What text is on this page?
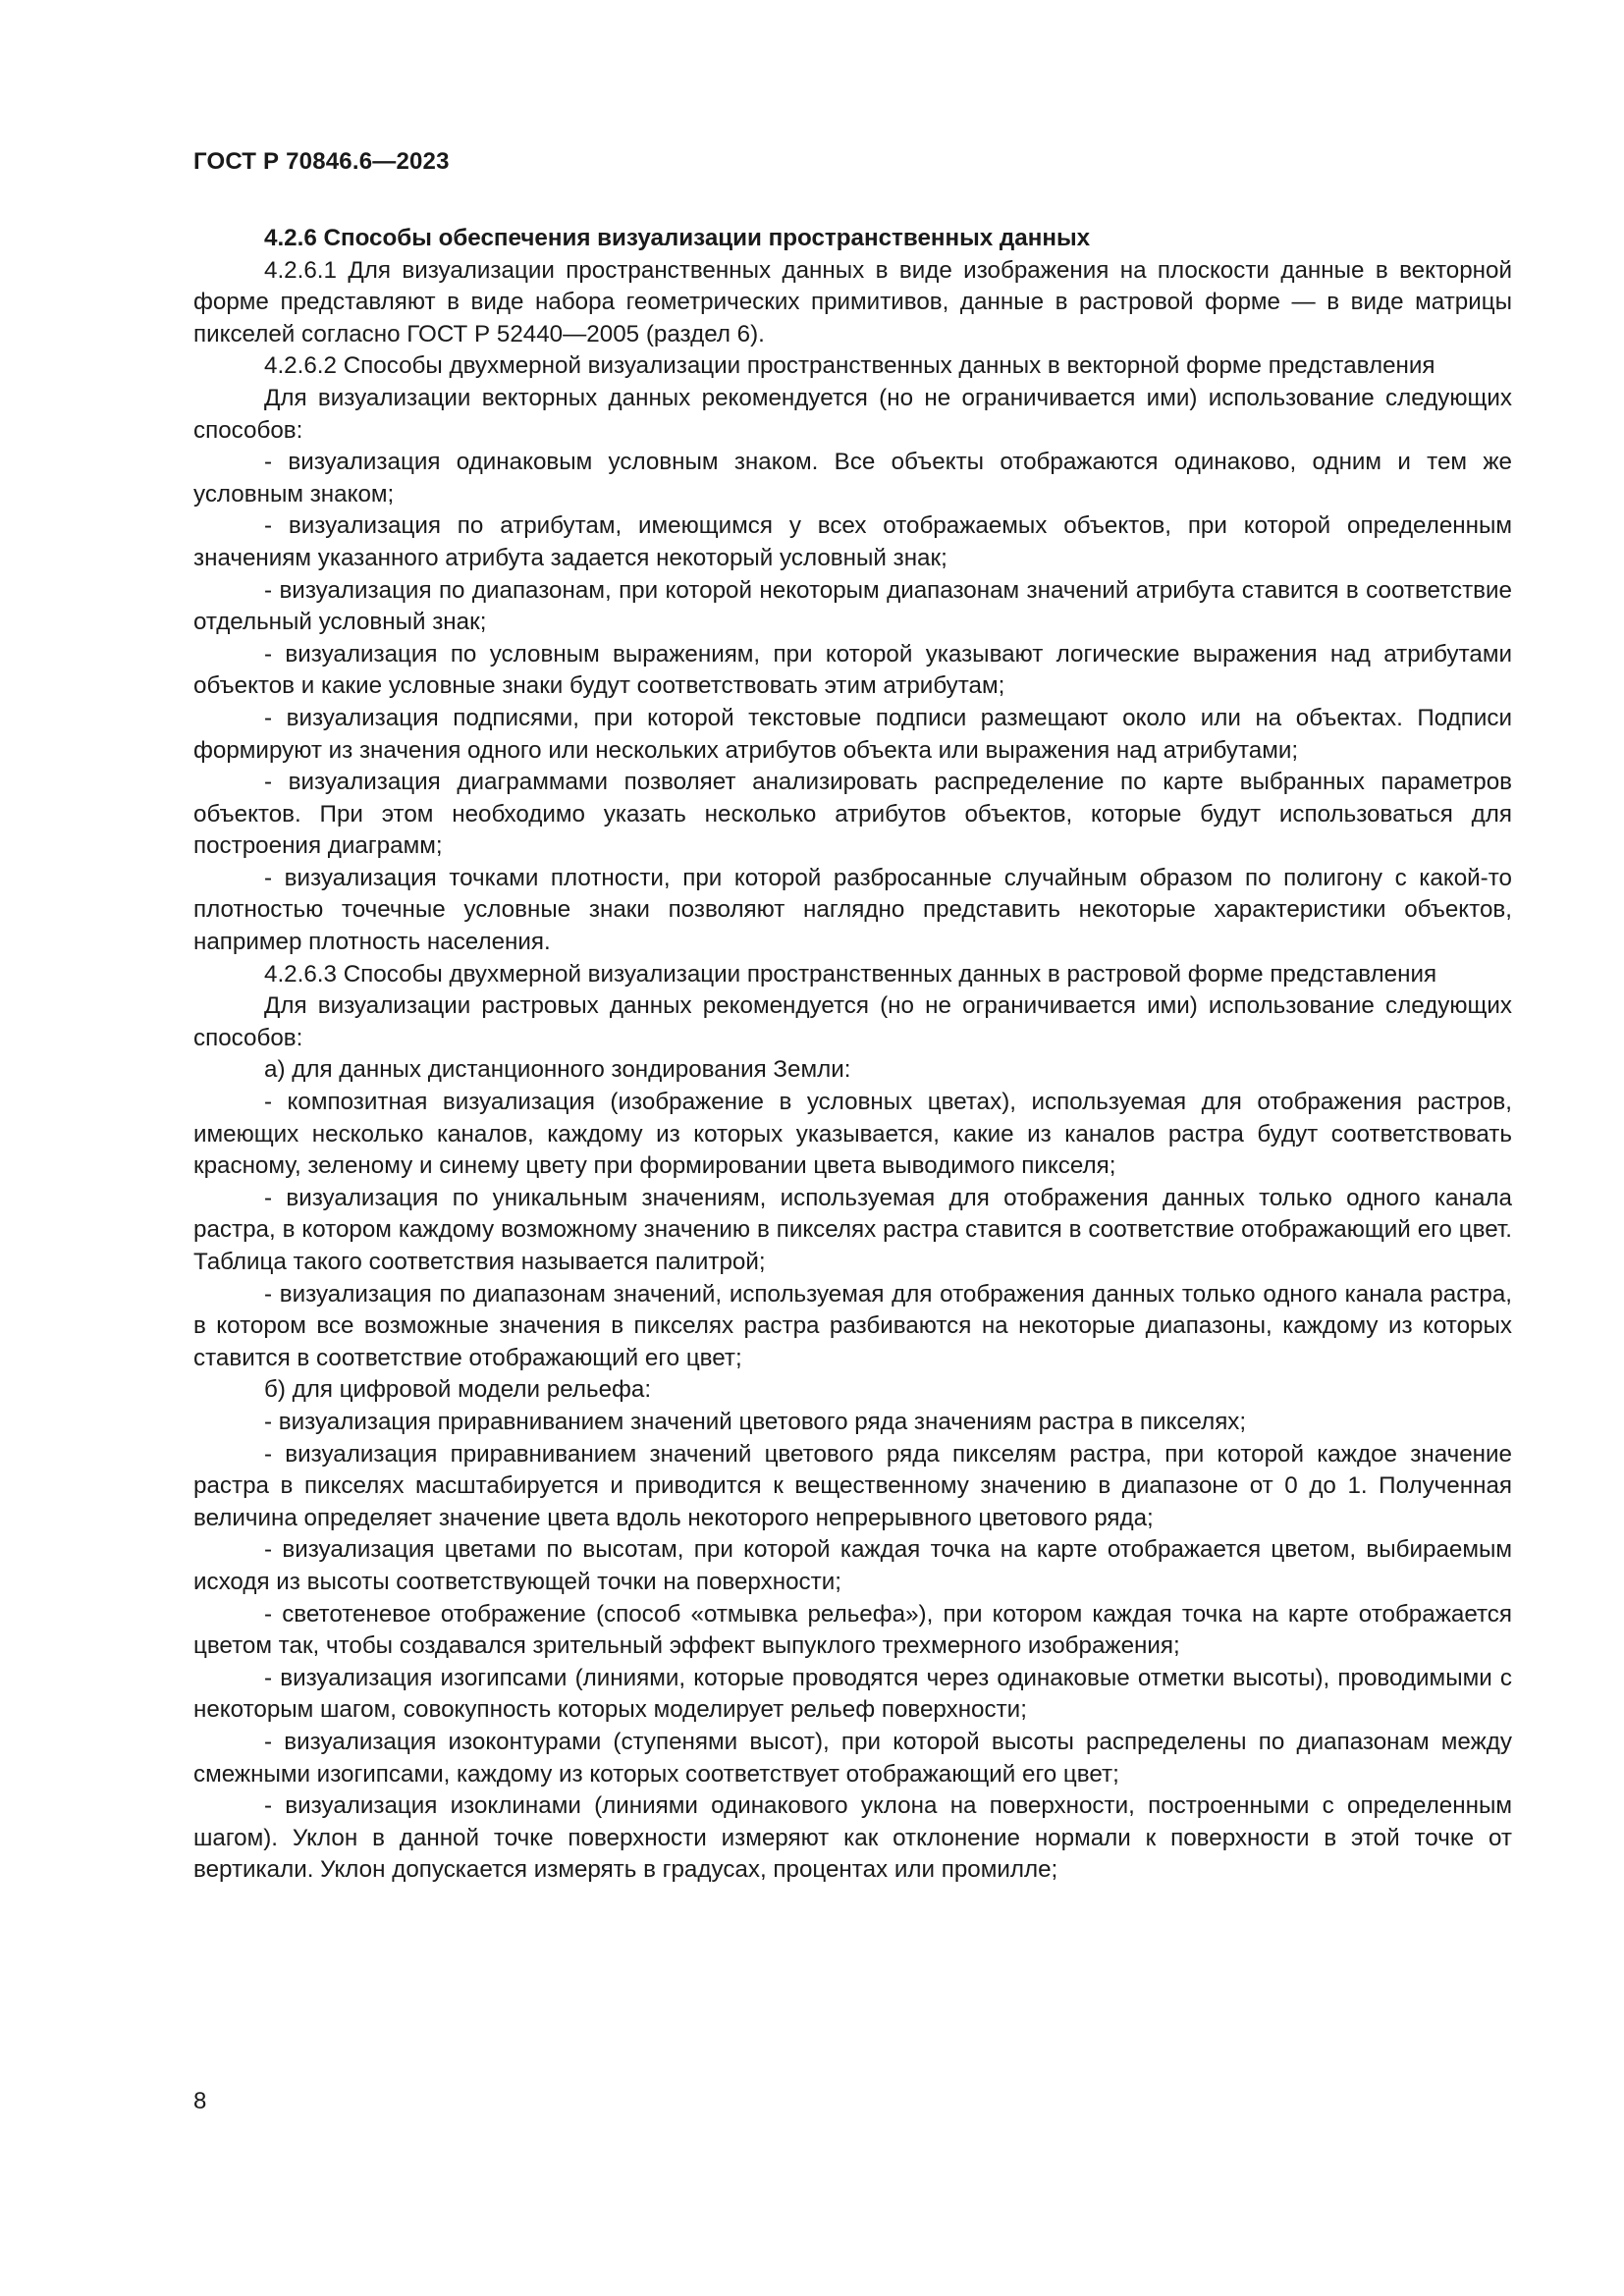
ГОСТ Р 70846.6—2023
4.2.6 Способы обеспечения визуализации пространственных данных

4.2.6.1 Для визуализации пространственных данных в виде изображения на плоскости данные в векторной форме представляют в виде набора геометрических примитивов, данные в растровой форме — в виде матрицы пикселей согласно ГОСТ Р 52440—2005 (раздел 6).

4.2.6.2 Способы двухмерной визуализации пространственных данных в векторной форме представления

Для визуализации векторных данных рекомендуется (но не ограничивается ими) использование следующих способов:

- визуализация одинаковым условным знаком. Все объекты отображаются одинаково, одним и тем же условным знаком;

- визуализация по атрибутам, имеющимся у всех отображаемых объектов, при которой определенным значениям указанного атрибута задается некоторый условный знак;

- визуализация по диапазонам, при которой некоторым диапазонам значений атрибута ставится в соответствие отдельный условный знак;

- визуализация по условным выражениям, при которой указывают логические выражения над атрибутами объектов и какие условные знаки будут соответствовать этим атрибутам;

- визуализация подписями, при которой текстовые подписи размещают около или на объектах. Подписи формируют из значения одного или нескольких атрибутов объекта или выражения над атрибутами;

- визуализация диаграммами позволяет анализировать распределение по карте выбранных параметров объектов. При этом необходимо указать несколько атрибутов объектов, которые будут использоваться для построения диаграмм;

- визуализация точками плотности, при которой разбросанные случайным образом по полигону с какой-то плотностью точечные условные знаки позволяют наглядно представить некоторые характеристики объектов, например плотность населения.

4.2.6.3 Способы двухмерной визуализации пространственных данных в растровой форме представления

Для визуализации растровых данных рекомендуется (но не ограничивается ими) использование следующих способов:

а) для данных дистанционного зондирования Земли:

- композитная визуализация (изображение в условных цветах), используемая для отображения растров, имеющих несколько каналов, каждому из которых указывается, какие из каналов растра будут соответствовать красному, зеленому и синему цвету при формировании цвета выводимого пикселя;

- визуализация по уникальным значениям, используемая для отображения данных только одного канала растра, в котором каждому возможному значению в пикселях растра ставится в соответствие отображающий его цвет. Таблица такого соответствия называется палитрой;

- визуализация по диапазонам значений, используемая для отображения данных только одного канала растра, в котором все возможные значения в пикселях растра разбиваются на некоторые диапазоны, каждому из которых ставится в соответствие отображающий его цвет;

б) для цифровой модели рельефа:

- визуализация приравниванием значений цветового ряда значениям растра в пикселях;

- визуализация приравниванием значений цветового ряда пикселям растра, при которой каждое значение растра в пикселях масштабируется и приводится к вещественному значению в диапазоне от 0 до 1. Полученная величина определяет значение цвета вдоль некоторого непрерывного цветового ряда;

- визуализация цветами по высотам, при которой каждая точка на карте отображается цветом, выбираемым исходя из высоты соответствующей точки на поверхности;

- светотеневое отображение (способ «отмывка рельефа»), при котором каждая точка на карте отображается цветом так, чтобы создавался зрительный эффект выпуклого трехмерного изображения;

- визуализация изогипсами (линиями, которые проводятся через одинаковые отметки высоты), проводимыми с некоторым шагом, совокупность которых моделирует рельеф поверхности;

- визуализация изоконтурами (ступенями высот), при которой высоты распределены по диапазонам между смежными изогипсами, каждому из которых соответствует отображающий его цвет;

- визуализация изоклинами (линиями одинакового уклона на поверхности, построенными с определенным шагом). Уклон в данной точке поверхности измеряют как отклонение нормали к поверхности в этой точке от вертикали. Уклон допускается измерять в градусах, процентах или промилле;

8
